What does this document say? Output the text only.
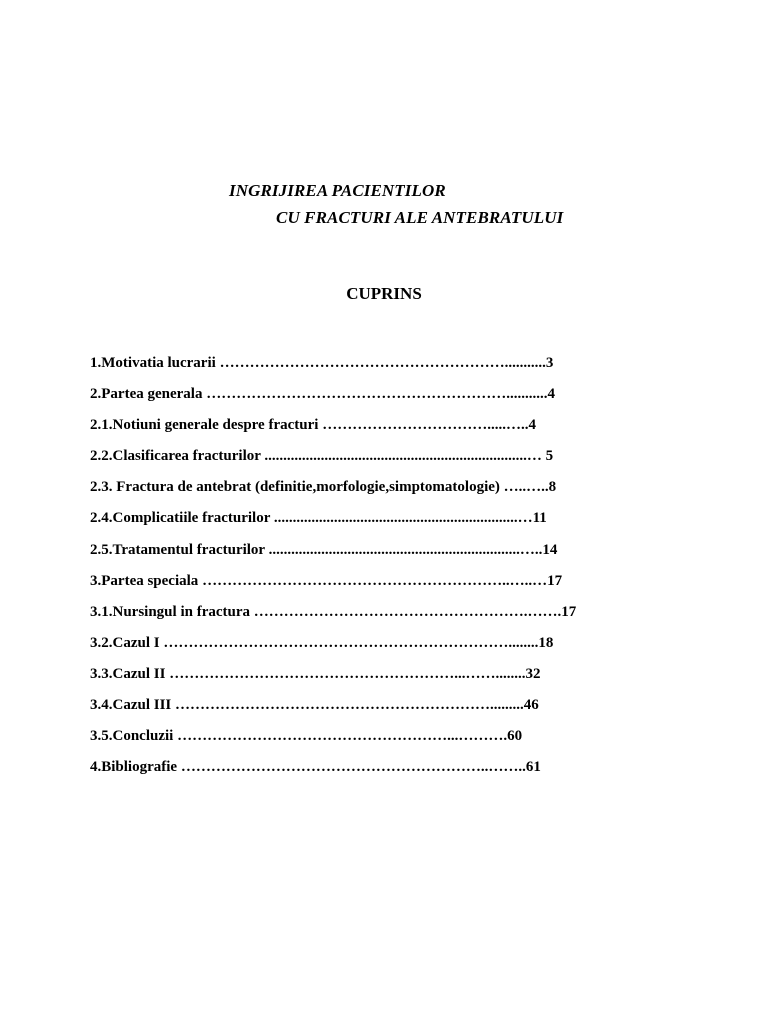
INGRIJIREA PACIENTILOR
CU FRACTURI ALE ANTEBRATULUI
CUPRINS
1.Motivatia lucrarii …………………………………………………...........3
2.Partea generala ……………………………………………………...........4
2.1.Notiuni generale despre fracturi …………………………….....…..4
2.2.Clasificarea fracturilor ......................................................................… 5
2.3. Fractura de antebrat (definitie,morfologie,simptomatologie) …..…..8
2.4.Complicatiile fracturilor .................................................................…11
2.5.Tratamentul fracturilor ...................................................................…..14
3.Partea speciala ……………………………………………………..…..…17
3.1.Nursingul in fractura ……………………………………………….…….17
3.2.Cazul I ……………………………………………………………........18
3.3.Cazul II …………………………………………………...……........32
3.4.Cazul III ……………………………………………………….........46
3.5.Concluzii ………………………………………………...……….60
4.Bibliografie ……………………………………………………..……..61
